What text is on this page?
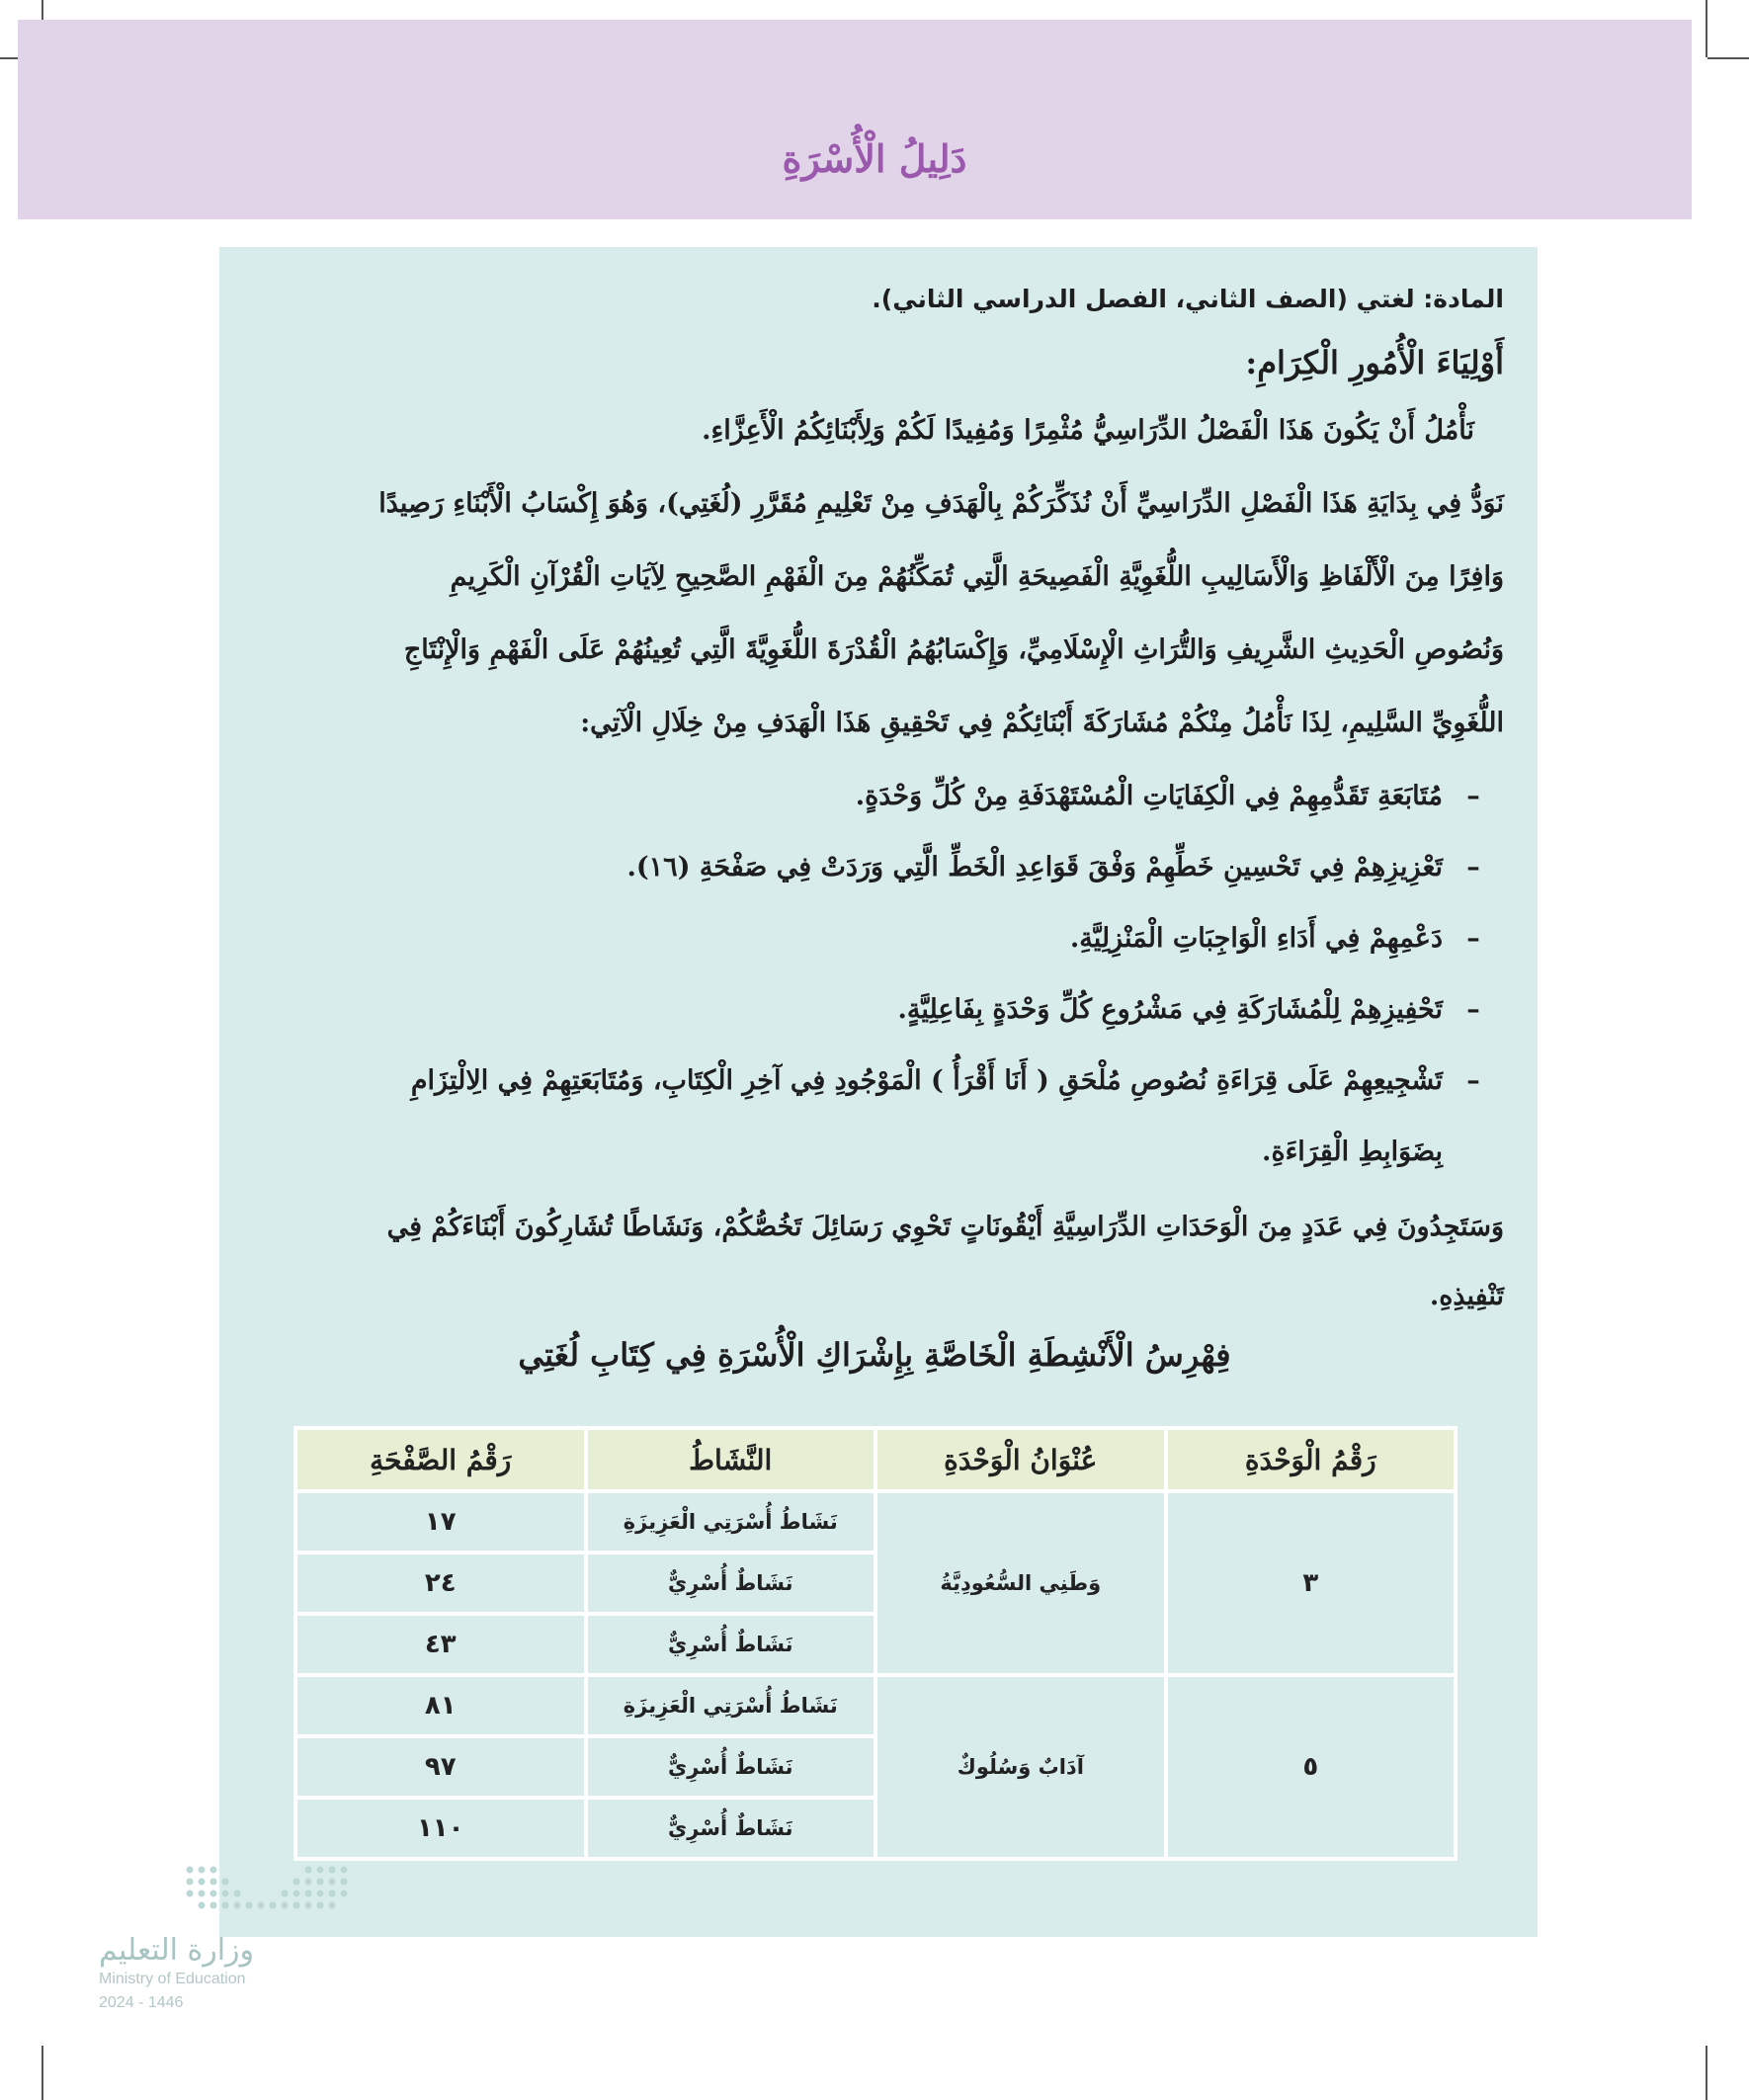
دَلِيلُ الْأُسْرَةِ
المادة: لغتي (الصف الثاني، الفصل الدراسي الثاني).
أَوْلِيَاءَ الْأُمُورِ الْكِرَامِ:
نَأْمُلُ أَنْ يَكُونَ هَذَا الْفَصْلُ الدِّرَاسِيُّ مُثْمِرًا وَمُفِيدًا لَكُمْ وَلِأَبْنَائِكُمُ الْأَعِزَّاءِ.
نَوَدُّ فِي بِدَايَةِ هَذَا الْفَصْلِ الدِّرَاسِيِّ أَنْ نُذَكِّرَكُمْ بِالْهَدَفِ مِنْ تَعْلِيمِ مُقَرَّرِ (لُغَتِي)، وَهُوَ إِكْسَابُ الْأَبْنَاءِ رَصِيدًا
وَافِرًا مِنَ الْأَلْفَاظِ وَالْأَسَالِيبِ اللُّغَوِيَّةِ الْفَصِيحَةِ الَّتِي تُمَكِّنُهُمْ مِنَ الْفَهْمِ الصَّحِيحِ لِآيَاتِ الْقُرْآنِ الْكَرِيمِ
وَنُصُوصِ الْحَدِيثِ الشَّرِيفِ وَالتُّرَاثِ الْإِسْلَامِيِّ، وَإِكْسَابُهُمُ الْقُدْرَةَ اللُّغَوِيَّةَ الَّتِي تُعِينُهُمْ عَلَى الْفَهْمِ وَالْإِنْتَاجِ
اللُّغَوِيِّ السَّلِيمِ، لِذَا نَأْمُلُ مِنْكُمْ مُشَارَكَةَ أَبْنَائِكُمْ فِي تَحْقِيقِ هَذَا الْهَدَفِ مِنْ خِلَالِ الْآتِي:
–مُتَابَعَةِ تَقَدُّمِهِمْ فِي الْكِفَايَاتِ الْمُسْتَهْدَفَةِ مِنْ كُلِّ وَحْدَةٍ.
–تَعْزِيزِهِمْ فِي تَحْسِينِ خَطِّهِمْ وَفْقَ قَوَاعِدِ الْخَطِّ الَّتِي وَرَدَتْ فِي صَفْحَةِ (١٦).
–دَعْمِهِمْ فِي أَدَاءِ الْوَاجِبَاتِ الْمَنْزِلِيَّةِ.
–تَحْفِيزِهِمْ لِلْمُشَارَكَةِ فِي مَشْرُوعِ كُلِّ وَحْدَةٍ بِفَاعِلِيَّةٍ.
–تَشْجِيعِهِمْ عَلَى قِرَاءَةِ نُصُوصِ مُلْحَقِ ( أَنَا أَقْرَأُ ) الْمَوْجُودِ فِي آخِرِ الْكِتَابِ، وَمُتَابَعَتِهِمْ فِي الِالْتِزَامِ
بِضَوَابِطِ الْقِرَاءَةِ.
وَسَتَجِدُونَ فِي عَدَدٍ مِنَ الْوَحَدَاتِ الدِّرَاسِيَّةِ أَيْقُونَاتٍ تَحْوِي رَسَائِلَ تَخُصُّكُمْ، وَنَشَاطًا تُشَارِكُونَ أَبْنَاءَكُمْ فِي
تَنْفِيذِهِ.
فِهْرِسُ الْأَنْشِطَةِ الْخَاصَّةِ بِإِشْرَاكِ الْأُسْرَةِ فِي كِتَابِ لُغَتِي
رَقْمُ الْوَحْدَةِ	عُنْوَانُ الْوَحْدَةِ	النَّشَاطُ	رَقْمُ الصَّفْحَةِ
٣	وَطَنِي السُّعُودِيَّةُ	نَشَاطُ أُسْرَتِي الْعَزِيزَةِ	١٧
		نَشَاطٌ أُسْرِيٌّ	٢٤
		نَشَاطٌ أُسْرِيٌّ	٤٣
٥	آدَابٌ وَسُلُوكٌ	نَشَاطُ أُسْرَتِي الْعَزِيزَةِ	٨١
		نَشَاطٌ أُسْرِيٌّ	٩٧
		نَشَاطٌ أُسْرِيٌّ	١١٠
وزارة التعليم
Ministry of Education
2024 - 1446
